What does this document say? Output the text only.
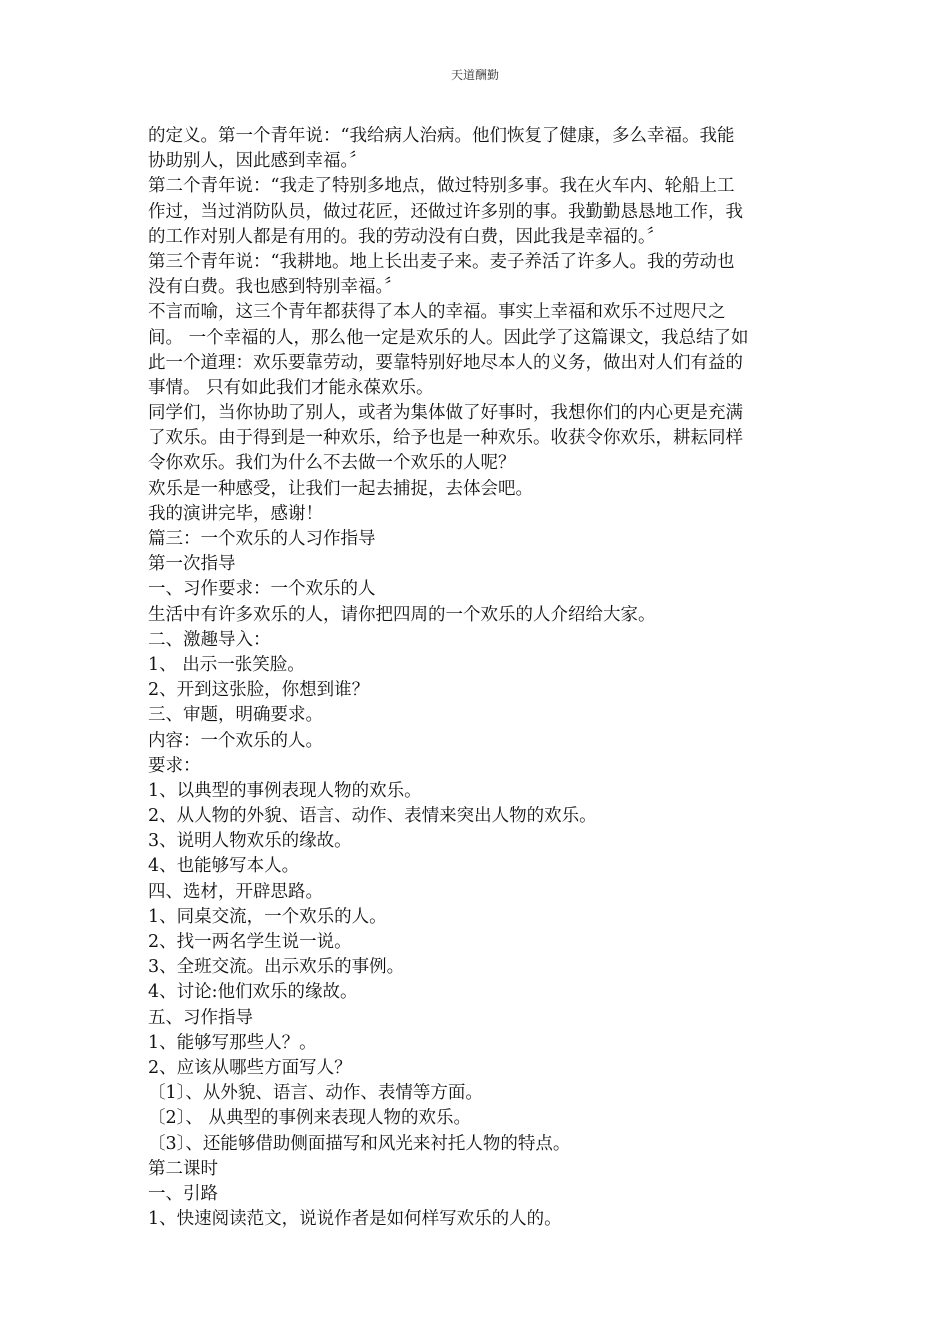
天道酬勤
的定义。第一个青年说：“我给病人治病。他们恢复了健康，多么幸福。我能
协助别人，因此感到幸福。〞
第二个青年说：“我走了特别多地点，做过特别多事。我在火车内、轮船上工
作过，当过消防队员，做过花匠，还做过许多别的事。我勤勤恳恳地工作，我
的工作对别人都是有用的。我的劳动没有白费，因此我是幸福的。〞
第三个青年说：“我耕地。地上长出麦子来。麦子养活了许多人。我的劳动也
没有白费。我也感到特别幸福。〞
不言而喻，这三个青年都获得了本人的幸福。事实上幸福和欢乐不过咫尺之
间。 一个幸福的人，那么他一定是欢乐的人。因此学了这篇课文，我总结了如
此一个道理：欢乐要靠劳动，要靠特别好地尽本人的义务，做出对人们有益的
事情。 只有如此我们才能永葆欢乐。
同学们，当你协助了别人，或者为集体做了好事时，我想你们的内心更是充满
了欢乐。由于得到是一种欢乐，给予也是一种欢乐。收获令你欢乐，耕耘同样
令你欢乐。我们为什么不去做一个欢乐的人呢？
欢乐是一种感受，让我们一起去捕捉，去体会吧。
我的演讲完毕，感谢！
篇三：一个欢乐的人习作指导
第一次指导
一、习作要求：一个欢乐的人
生活中有许多欢乐的人，请你把四周的一个欢乐的人介绍给大家。
二、激趣导入：
1、 出示一张笑脸。
2、开到这张脸，你想到谁？
三、审题，明确要求。
内容：一个欢乐的人。
要求：
1、以典型的事例表现人物的欢乐。
2、从人物的外貌、语言、动作、表情来突出人物的欢乐。
3、说明人物欢乐的缘故。
4、也能够写本人。
四、选材，开辟思路。
1、同桌交流，一个欢乐的人。
2、找一两名学生说一说。
3、全班交流。出示欢乐的事例。
4、讨论:他们欢乐的缘故。
五、习作指导
1、能够写那些人？。
2、应该从哪些方面写人？
〔1〕、从外貌、语言、动作、表情等方面。
〔2〕、 从典型的事例来表现人物的欢乐。
〔3〕、还能够借助侧面描写和风光来衬托人物的特点。
第二课时
一、引路
1、快速阅读范文，说说作者是如何样写欢乐的人的。
